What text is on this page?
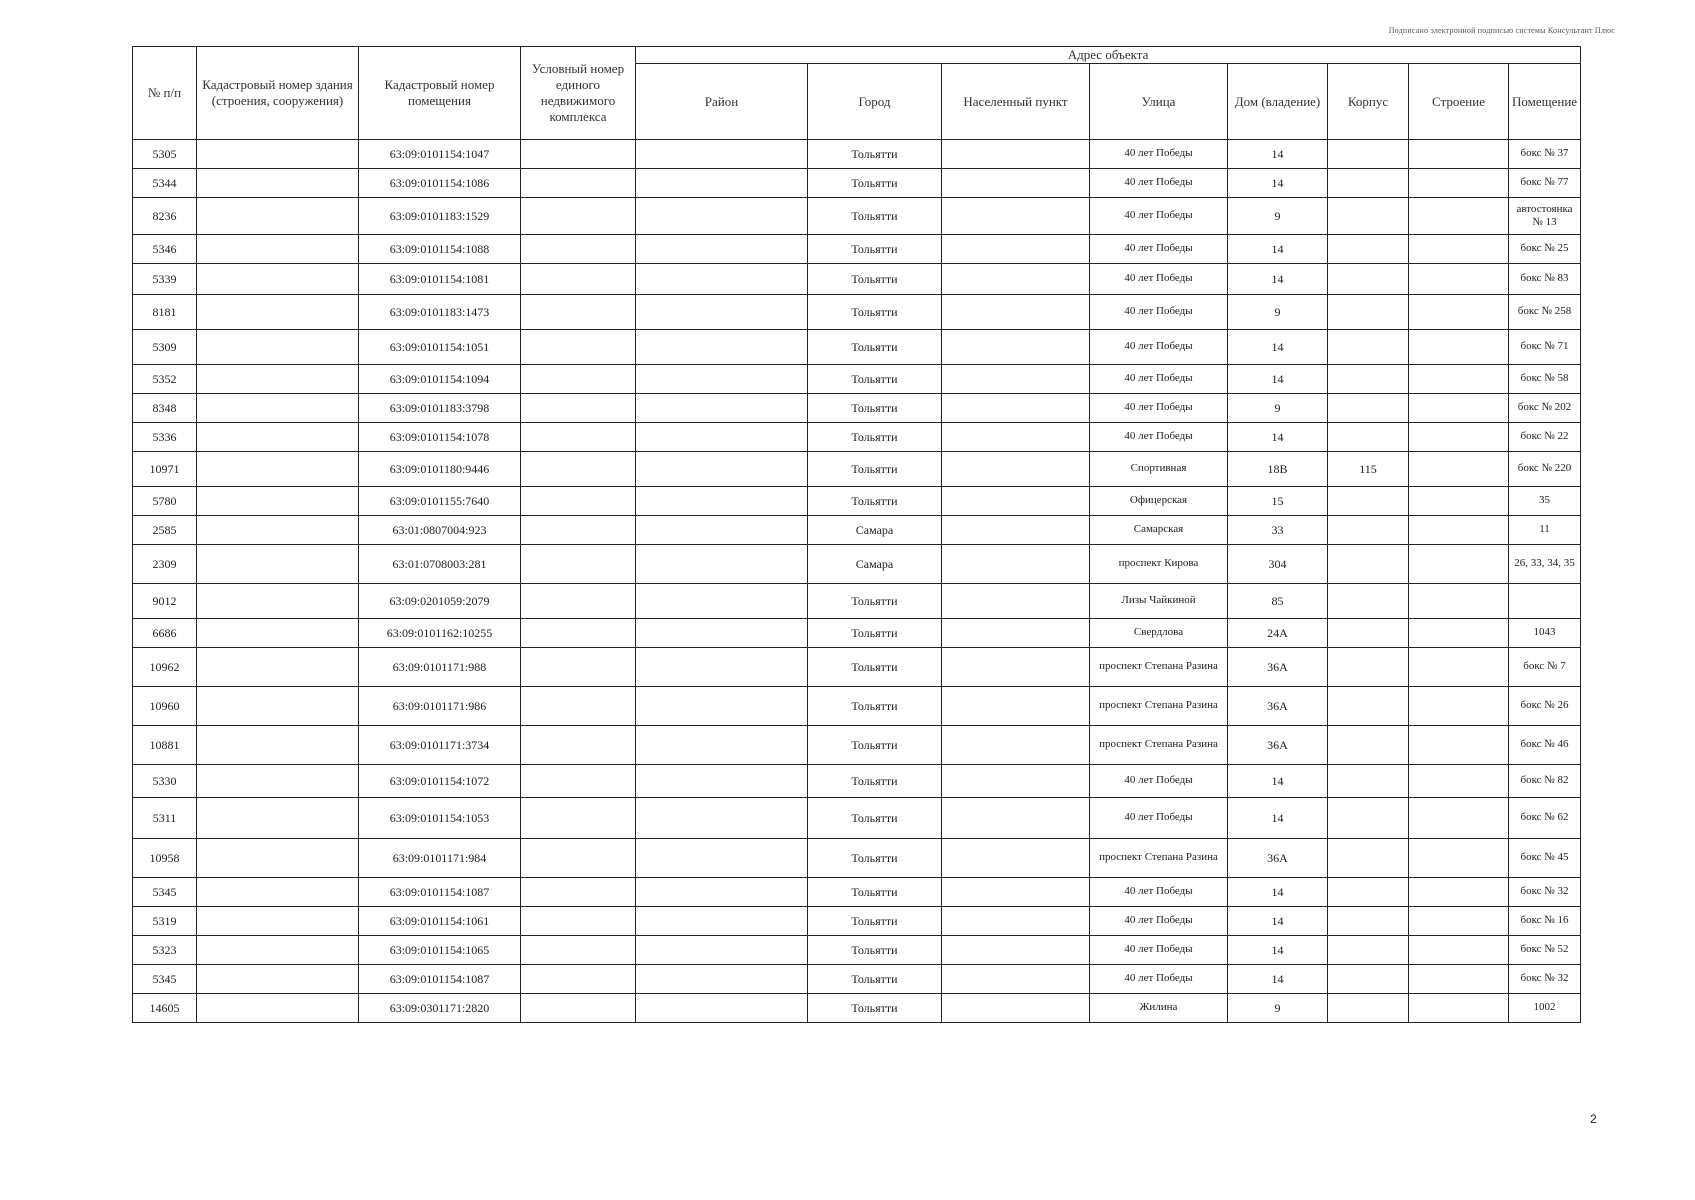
Подписано электронной подписью системы Консультант Плюс
№ п/п	Кадастровый номер здания (строения, сооружения)	Кадастровый номер помещения	Условный номер единого недвижимого комплекса	Адрес объекта							
				Район	Город	Населенный пункт	Улица	Дом (владение)	Корпус	Строение	Помещение
5305		63:09:0101154:1047			Тольятти		40 лет Победы	14			бокс № 37
5344		63:09:0101154:1086			Тольятти		40 лет Победы	14			бокс № 77
8236		63:09:0101183:1529			Тольятти		40 лет Победы	9			автостоянка № 13
5346		63:09:0101154:1088			Тольятти		40 лет Победы	14			бокс № 25
5339		63:09:0101154:1081			Тольятти		40 лет Победы	14			бокс № 83
8181		63:09:0101183:1473			Тольятти		40 лет Победы	9			бокс № 258
5309		63:09:0101154:1051			Тольятти		40 лет Победы	14			бокс № 71
5352		63:09:0101154:1094			Тольятти		40 лет Победы	14			бокс № 58
8348		63:09:0101183:3798			Тольятти		40 лет Победы	9			бокс № 202
5336		63:09:0101154:1078			Тольятти		40 лет Победы	14			бокс № 22
10971		63:09:0101180:9446			Тольятти		Спортивная	18В	115		бокс № 220
5780		63:09:0101155:7640			Тольятти		Офицерская	15			35
2585		63:01:0807004:923			Самара		Самарская	33			11
2309		63:01:0708003:281			Самара		проспект Кирова	304			26, 33, 34, 35
9012		63:09:0201059:2079			Тольятти		Лизы Чайкиной	85			
6686		63:09:0101162:10255			Тольятти		Свердлова	24А			1043
10962		63:09:0101171:988			Тольятти		проспект Степана Разина	36А			бокс № 7
10960		63:09:0101171:986			Тольятти		проспект Степана Разина	36А			бокс № 26
10881		63:09:0101171:3734			Тольятти		проспект Степана Разина	36А			бокс № 46
5330		63:09:0101154:1072			Тольятти		40 лет Победы	14			бокс № 82
5311		63:09:0101154:1053			Тольятти		40 лет Победы	14			бокс № 62
10958		63:09:0101171:984			Тольятти		проспект Степана Разина	36А			бокс № 45
5345		63:09:0101154:1087			Тольятти		40 лет Победы	14			бокс № 32
5319		63:09:0101154:1061			Тольятти		40 лет Победы	14			бокс № 16
5323		63:09:0101154:1065			Тольятти		40 лет Победы	14			бокс № 52
5345		63:09:0101154:1087			Тольятти		40 лет Победы	14			бокс № 32
14605		63:09:0301171:2820			Тольятти		Жилина	9			1002
2
